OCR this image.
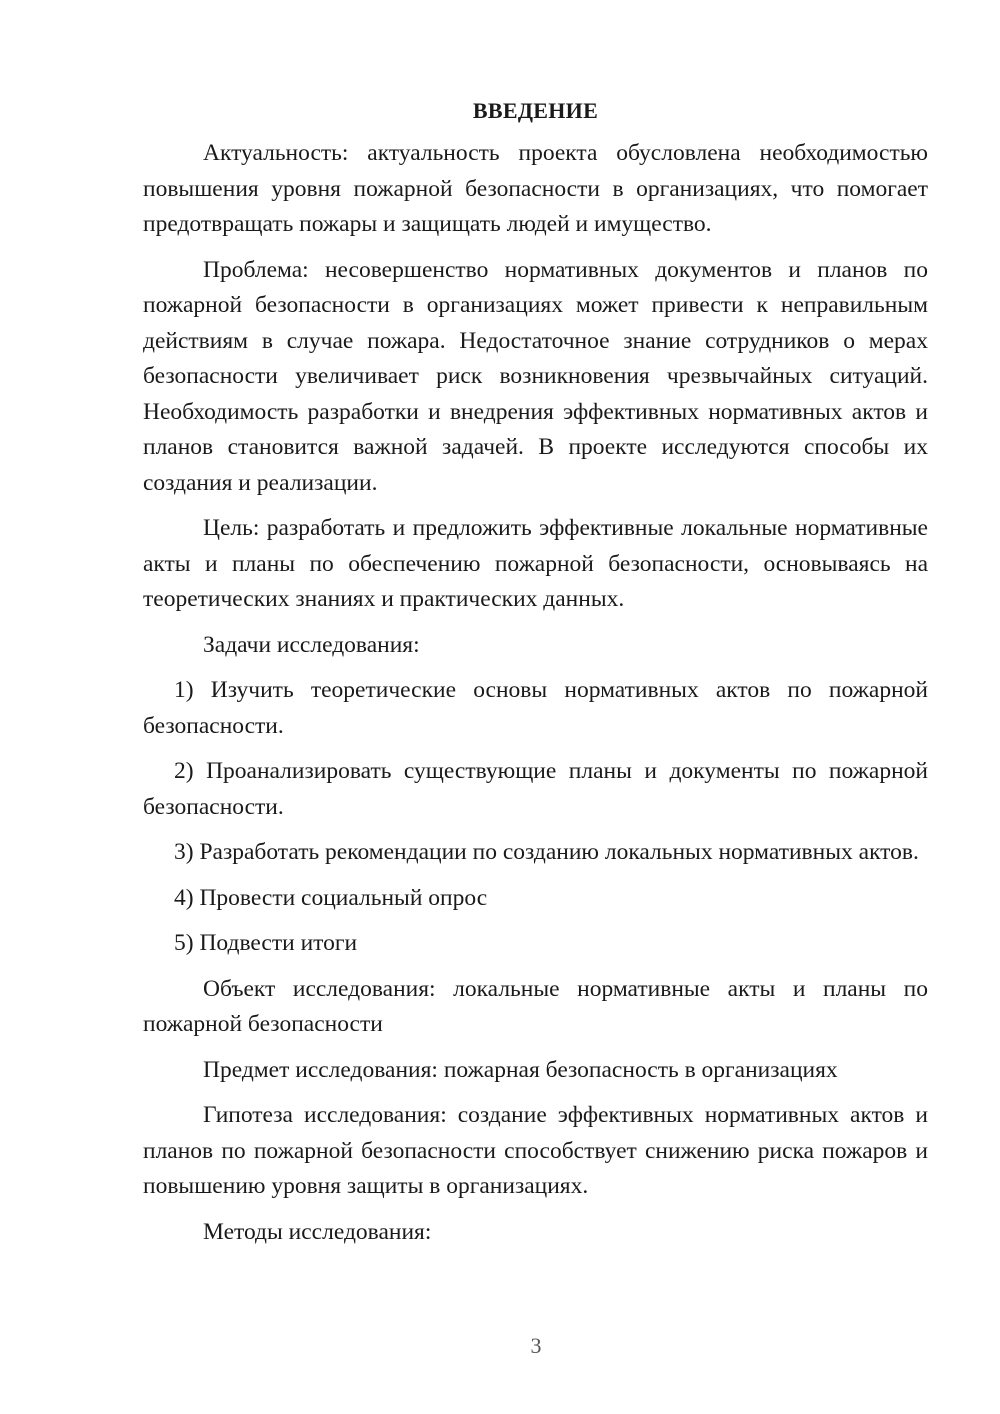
ВВЕДЕНИЕ

Актуальность: актуальность проекта обусловлена необходимостью повышения уровня пожарной безопасности в организациях, что помогает предотвращать пожары и защищать людей и имущество.

Проблема: несовершенство нормативных документов и планов по пожарной безопасности в организациях может привести к неправильным действиям в случае пожара. Недостаточное знание сотрудников о мерах безопасности увеличивает риск возникновения чрезвычайных ситуаций. Необходимость разработки и внедрения эффективных нормативных актов и планов становится важной задачей. В проекте исследуются способы их создания и реализации.

Цель: разработать и предложить эффективные локальные нормативные акты и планы по обеспечению пожарной безопасности, основываясь на теоретических знаниях и практических данных.

Задачи исследования:

1) Изучить теоретические основы нормативных актов по пожарной безопасности.

2) Проанализировать существующие планы и документы по пожарной безопасности.

3) Разработать рекомендации по созданию локальных нормативных актов.

4) Провести социальный опрос

5) Подвести итоги

Объект исследования: локальные нормативные акты и планы по пожарной безопасности

Предмет исследования: пожарная безопасность в организациях

Гипотеза исследования: создание эффективных нормативных актов и планов по пожарной безопасности способствует снижению риска пожаров и повышению уровня защиты в организациях.

Методы исследования:

3
